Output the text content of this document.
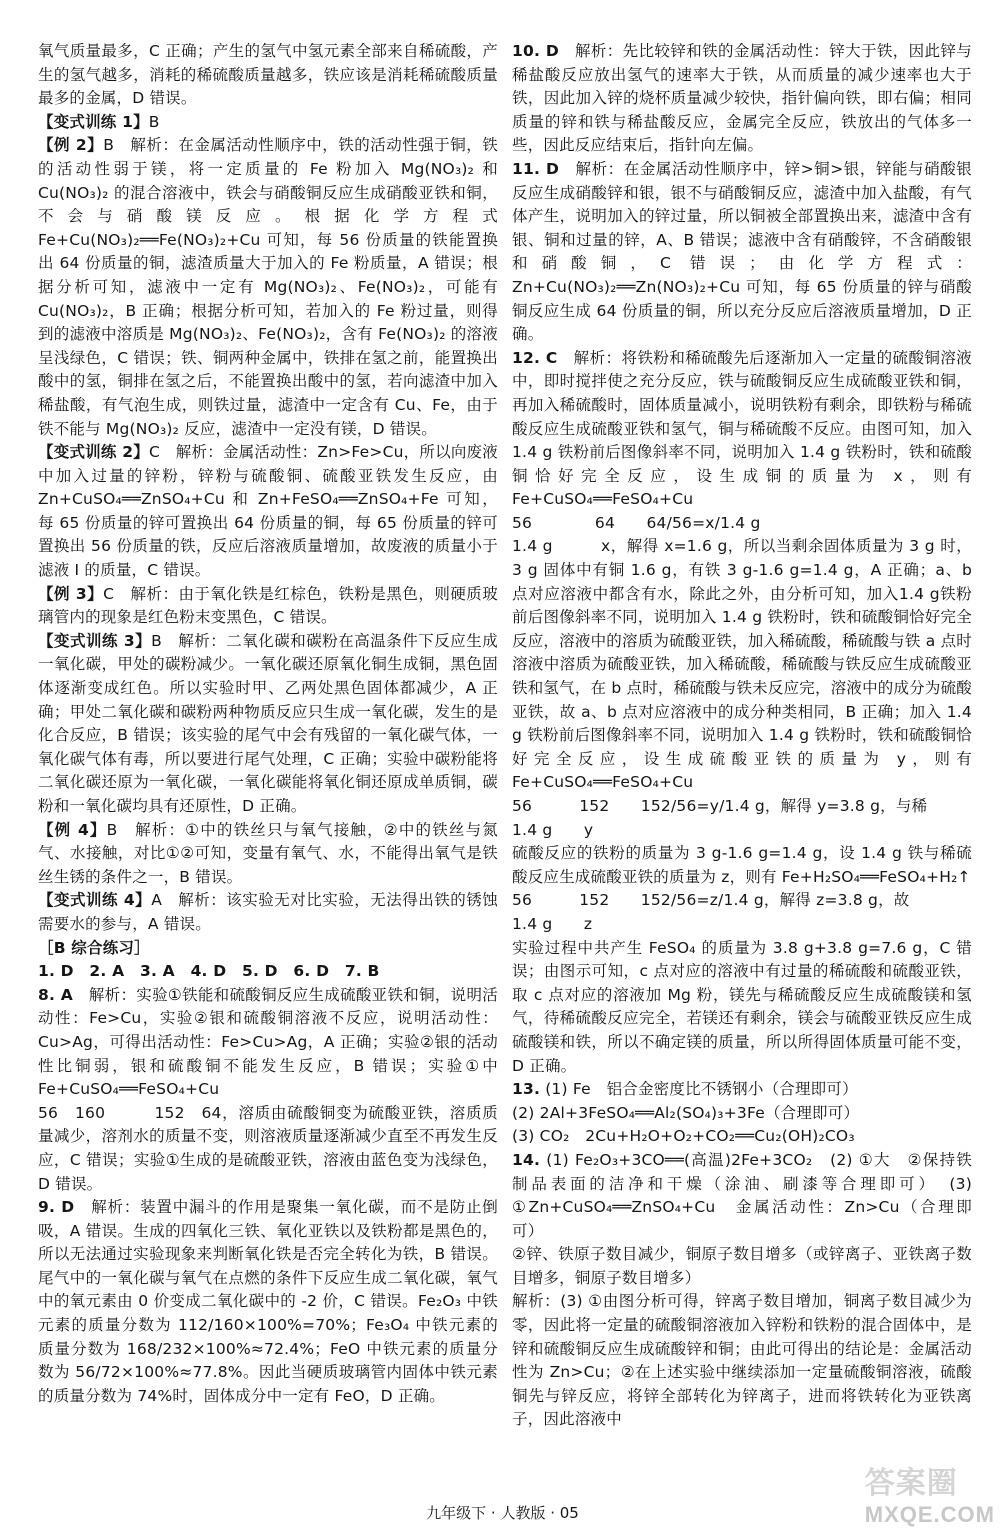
氧气质量最多，C 正确；产生的氢气中氢元素全部来自稀硫酸，产生的氢气越多，消耗的稀硫酸质量越多，铁应该是消耗稀硫酸质量最多的金属，D 错误。

【变式训练 1】B

【例 2】B　解析：在金属活动性顺序中，铁的活动性强于铜，铁的活动性弱于镁，将一定质量的 Fe 粉加入 Mg(NO₃)₂ 和 Cu(NO₃)₂ 的混合溶液中，铁会与硝酸铜反应生成硝酸亚铁和铜，不会与硝酸镁反应。根据化学方程式 Fe+Cu(NO₃)₂══Fe(NO₃)₂+Cu 可知，每 56 份质量的铁能置换出 64 份质量的铜，滤渣质量大于加入的 Fe 粉质量，A 错误；根据分析可知，滤液中一定有 Mg(NO₃)₂、Fe(NO₃)₂，可能有 Cu(NO₃)₂，B 正确；根据分析可知，若加入的 Fe 粉过量，则得到的滤液中溶质是 Mg(NO₃)₂、Fe(NO₃)₂，含有 Fe(NO₃)₂ 的溶液呈浅绿色，C 错误；铁、铜两种金属中，铁排在氢之前，能置换出酸中的氢，铜排在氢之后，不能置换出酸中的氢，若向滤渣中加入稀盐酸，有气泡生成，则铁过量，滤渣中一定含有 Cu、Fe，由于铁不能与 Mg(NO₃)₂ 反应，滤渣中一定没有镁，D 错误。

【变式训练 2】C　解析：金属活动性：Zn>Fe>Cu，所以向废液中加入过量的锌粉，锌粉与硫酸铜、硫酸亚铁发生反应，由 Zn+CuSO₄══ZnSO₄+Cu 和 Zn+FeSO₄══ZnSO₄+Fe 可知，每 65 份质量的锌可置换出 64 份质量的铜，每 65 份质量的锌可置换出 56 份质量的铁，反应后溶液质量增加，故废液的质量小于滤液 I 的质量，C 错误。

【例 3】C　解析：由于氧化铁是红棕色，铁粉是黑色，则硬质玻璃管内的现象是红色粉末变黑色，C 错误。

【变式训练 3】B　解析：二氧化碳和碳粉在高温条件下反应生成一氧化碳，甲处的碳粉减少。一氧化碳还原氧化铜生成铜，黑色固体逐渐变成红色。所以实验时甲、乙两处黑色固体都减少，A 正确；甲处二氧化碳和碳粉两种物质反应只生成一氧化碳，发生的是化合反应，B 错误；该实验的尾气中会有残留的一氧化碳气体，一氧化碳气体有毒，所以要进行尾气处理，C 正确；实验中碳粉能将二氧化碳还原为一氧化碳，一氧化碳能将氧化铜还原成单质铜，碳粉和一氧化碳均具有还原性，D 正确。

【例 4】B　解析：①中的铁丝只与氧气接触，②中的铁丝与氮气、水接触，对比①②可知，变量有氧气、水，不能得出氧气是铁丝生锈的条件之一，B 错误。

【变式训练 4】A　解析：该实验无对比实验，无法得出铁的锈蚀需要水的参与，A 错误。

［B 综合练习］

1. D　2. A　3. A　4. D　5. D　6. D　7. B

8. A　解析：实验①铁能和硫酸铜反应生成硫酸亚铁和铜，说明活动性：Fe>Cu，实验②银和硫酸铜溶液不反应，说明活动性：Cu>Ag，可得出活动性：Fe>Cu>Ag，A 正确；实验②银的活动性比铜弱，银和硫酸铜不能发生反应，B 错误；实验①中 Fe+CuSO₄══FeSO₄+Cu
56　160　　　152　64，溶质由硫酸铜变为硫酸亚铁，溶质质量减少，溶剂水的质量不变，则溶液质量逐渐减少直至不再发生反应，C 错误；实验①生成的是硫酸亚铁，溶液由蓝色变为浅绿色，D 错误。

9. D　解析：装置中漏斗的作用是聚集一氧化碳，而不是防止倒吸，A 错误。生成的四氧化三铁、氧化亚铁以及铁粉都是黑色的，所以无法通过实验现象来判断氧化铁是否完全转化为铁，B 错误。尾气中的一氧化碳与氧气在点燃的条件下反应生成二氧化碳，氧气中的氧元素由 0 价变成二氧化碳中的 -2 价，C 错误。Fe₂O₃ 中铁元素的质量分数为 112/160×100%=70%；Fe₃O₄ 中铁元素的质量分数为 168/232×100%≈72.4%；FeO 中铁元素的质量分数为 56/72×100%≈77.8%。因此当硬质玻璃管内固体中铁元素的质量分数为 74%时，固体成分中一定有 FeO，D 正确。

10. D　解析：先比较锌和铁的金属活动性：锌大于铁，因此锌与稀盐酸反应放出氢气的速率大于铁，从而质量的减少速率也大于铁，因此加入锌的烧杯质量减少较快，指针偏向铁，即右偏；相同质量的锌和铁与稀盐酸反应，金属完全反应，铁放出的气体多一些，因此反应结束后，指针向左偏。

11. D　解析：在金属活动性顺序中，锌>铜>银，锌能与硝酸银反应生成硝酸锌和银，银不与硝酸铜反应，滤渣中加入盐酸，有气体产生，说明加入的锌过量，所以铜被全部置换出来，滤渣中含有银、铜和过量的锌，A、B 错误；滤液中含有硝酸锌，不含硝酸银和硝酸铜，C 错误；由化学方程式：Zn+Cu(NO₃)₂══Zn(NO₃)₂+Cu 可知，每 65 份质量的锌与硝酸铜反应生成 64 份质量的铜，所以充分反应后溶液质量增加，D 正确。

12. C　解析：将铁粉和稀硫酸先后逐渐加入一定量的硫酸铜溶液中，即时搅拌使之充分反应，铁与硫酸铜反应生成硫酸亚铁和铜，再加入稀硫酸时，固体质量减小，说明铁粉有剩余，即铁粉与稀硫酸反应生成硫酸亚铁和氢气，铜与稀硫酸不反应。由图可知，加入 1.4 g 铁粉前后图像斜率不同，说明加入 1.4 g 铁粉时，铁和硫酸铜恰好完全反应，设生成铜的质量为 x，则有 Fe+CuSO₄══FeSO₄+Cu
56　　　　64　　64/56=x/1.4 g
1.4 g　　　x，解得 x=1.6 g，所以当剩余固体质量为 3 g 时，3 g 固体中有铜 1.6 g，有铁 3 g-1.6 g=1.4 g，A 正确；a、b 点对应溶液中都含有水，除此之外，由分析可知，加入1.4 g铁粉前后图像斜率不同，说明加入 1.4 g 铁粉时，铁和硫酸铜恰好完全反应，溶液中的溶质为硫酸亚铁，加入稀硫酸，稀硫酸与铁 a 点时溶液中溶质为硫酸亚铁，加入稀硫酸，稀硫酸与铁反应生成硫酸亚铁和氢气，在 b 点时，稀硫酸与铁未反应完，溶液中的成分为硫酸亚铁，故 a、b 点对应溶液中的成分种类相同，B 正确；加入 1.4 g 铁粉前后图像斜率不同，说明加入 1.4 g 铁粉时，铁和硫酸铜恰好完全反应，设生成硫酸亚铁的质量为 y，则有 Fe+CuSO₄══FeSO₄+Cu
56　　　152　　152/56=y/1.4 g，解得 y=3.8 g，与稀
1.4 g　　y
硫酸反应的铁粉的质量为 3 g-1.6 g=1.4 g，设 1.4 g 铁与稀硫酸反应生成硫酸亚铁的质量为 z，则有 Fe+H₂SO₄══FeSO₄+H₂↑
56　　　152　　152/56=z/1.4 g，解得 z=3.8 g，故
1.4 g　　z
实验过程中共产生 FeSO₄ 的质量为 3.8 g+3.8 g=7.6 g，C 错误；由图示可知，c 点对应的溶液中有过量的稀硫酸和硫酸亚铁，取 c 点对应的溶液加 Mg 粉，镁先与稀硫酸反应生成硫酸镁和氢气，待稀硫酸反应完全，若镁还有剩余，镁会与硫酸亚铁反应生成硫酸镁和铁，所以不确定镁的质量，所以所得固体质量可能不变，D 正确。

13. (1) Fe　铝合金密度比不锈钢小（合理即可）
(2) 2Al+3FeSO₄══Al₂(SO₄)₃+3Fe（合理即可）
(3) CO₂　2Cu+H₂O+O₂+CO₂══Cu₂(OH)₂CO₃

14. (1) Fe₂O₃+3CO══(高温)2Fe+3CO₂　(2) ①大　②保持铁制品表面的洁净和干燥（涂油、刷漆等合理即可）　(3) ①Zn+CuSO₄══ZnSO₄+Cu　金属活动性：Zn>Cu（合理即可）
②锌、铁原子数目减少，铜原子数目增多（或锌离子、亚铁离子数目增多，铜原子数目增多）
解析：(3) ①由图分析可得，锌离子数目增加，铜离子数目减少为零，因此将一定量的硫酸铜溶液加入锌粉和铁粉的混合固体中，是锌和硫酸铜反应生成硫酸锌和铜；由此可得出的结论是：金属活动性为 Zn>Cu；②在上述实验中继续添加一定量硫酸铜溶液，硫酸铜先与锌反应，将锌全部转化为锌离子，进而将铁转化为亚铁离子，因此溶液中

九年级下 · 人教版 · 05
答案圈
MXQE.COM
